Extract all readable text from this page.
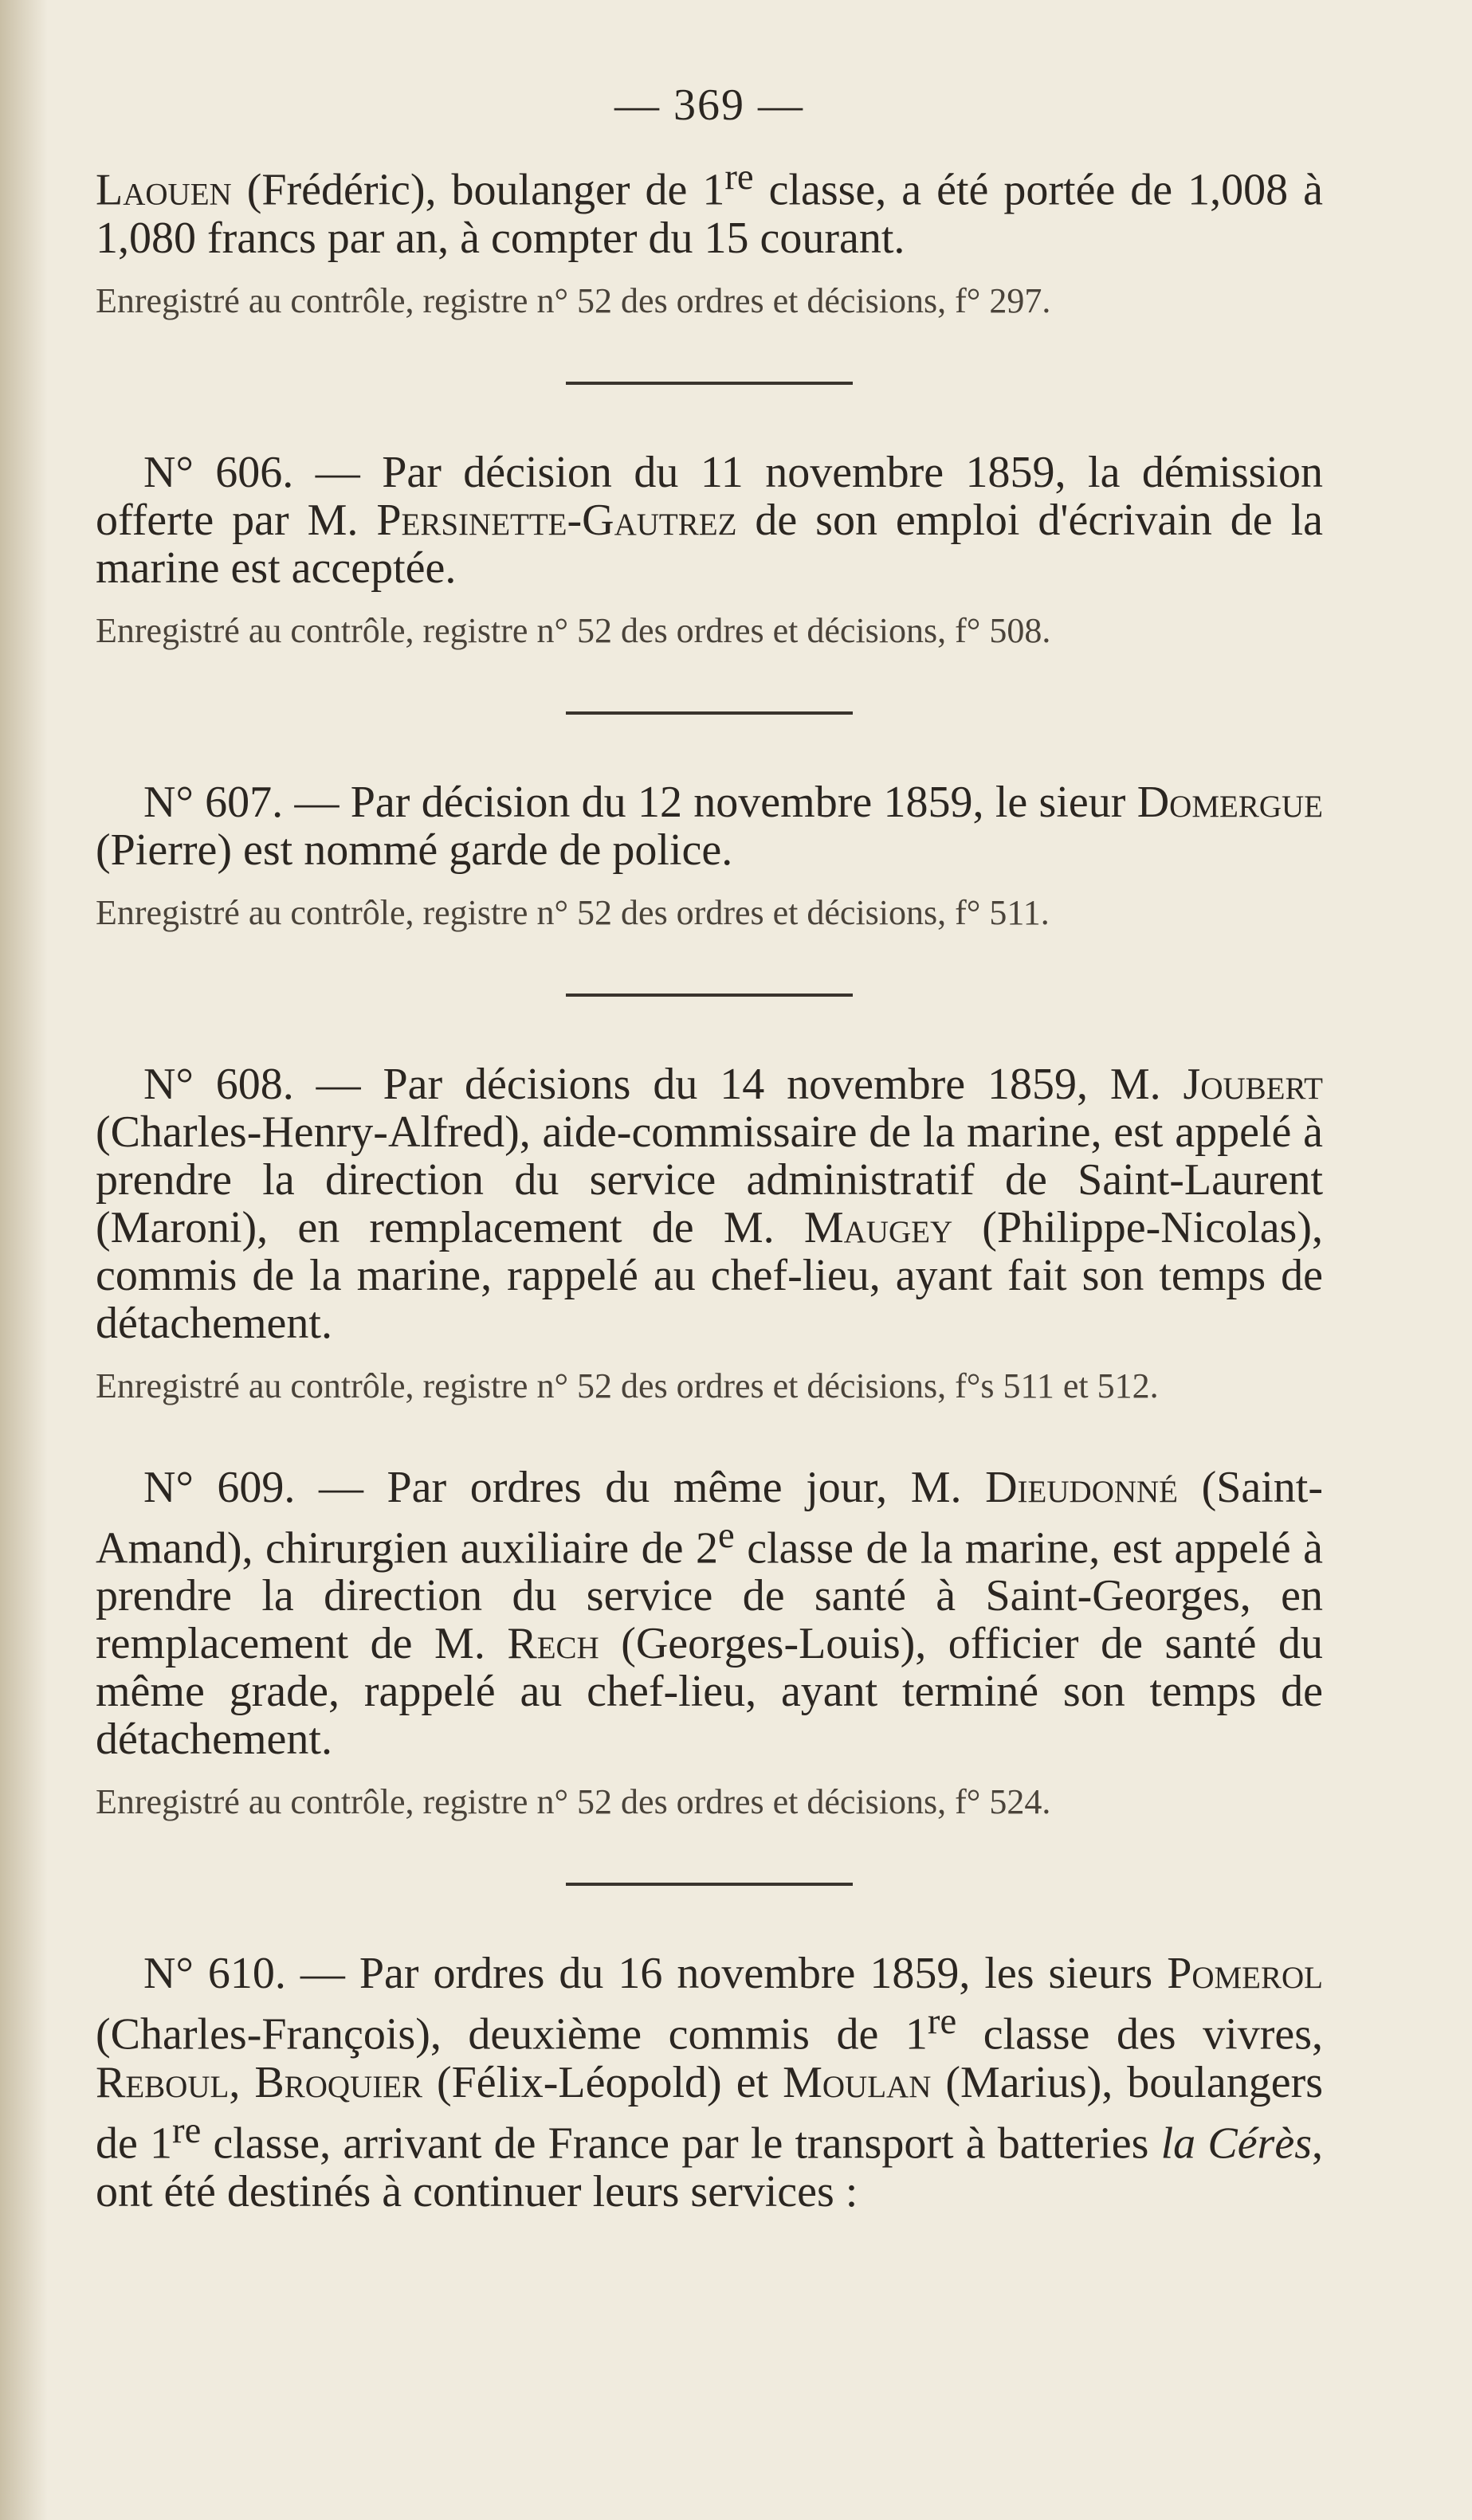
— 369 —

Laouen (Frédéric), boulanger de 1re classe, a été portée de 1,008 à 1,080 francs par an, à compter du 15 courant.

Enregistré au contrôle, registre n° 52 des ordres et décisions, f° 297.

N° 606. — Par décision du 11 novembre 1859, la démission offerte par M. Persinette-Gautrez de son emploi d'écrivain de la marine est acceptée.

Enregistré au contrôle, registre n° 52 des ordres et décisions, f° 508.

N° 607. — Par décision du 12 novembre 1859, le sieur Domergue (Pierre) est nommé garde de police.

Enregistré au contrôle, registre n° 52 des ordres et décisions, f° 511.

N° 608. — Par décisions du 14 novembre 1859, M. Joubert (Charles-Henry-Alfred), aide-commissaire de la marine, est appelé à prendre la direction du service administratif de Saint-Laurent (Maroni), en remplacement de M. Maugey (Philippe-Nicolas), commis de la marine, rappelé au chef-lieu, ayant fait son temps de détachement.

Enregistré au contrôle, registre n° 52 des ordres et décisions, f°s 511 et 512.

N° 609. — Par ordres du même jour, M. Dieudonné (Saint-Amand), chirurgien auxiliaire de 2e classe de la marine, est appelé à prendre la direction du service de santé à Saint-Georges, en remplacement de M. Rech (Georges-Louis), officier de santé du même grade, rappelé au chef-lieu, ayant terminé son temps de détachement.

Enregistré au contrôle, registre n° 52 des ordres et décisions, f° 524.

N° 610. — Par ordres du 16 novembre 1859, les sieurs Pomerol (Charles-François), deuxième commis de 1re classe des vivres, Reboul, Broquier (Félix-Léopold) et Moulan (Marius), boulangers de 1re classe, arrivant de France par le transport à batteries la Cérès, ont été destinés à continuer leurs services :
